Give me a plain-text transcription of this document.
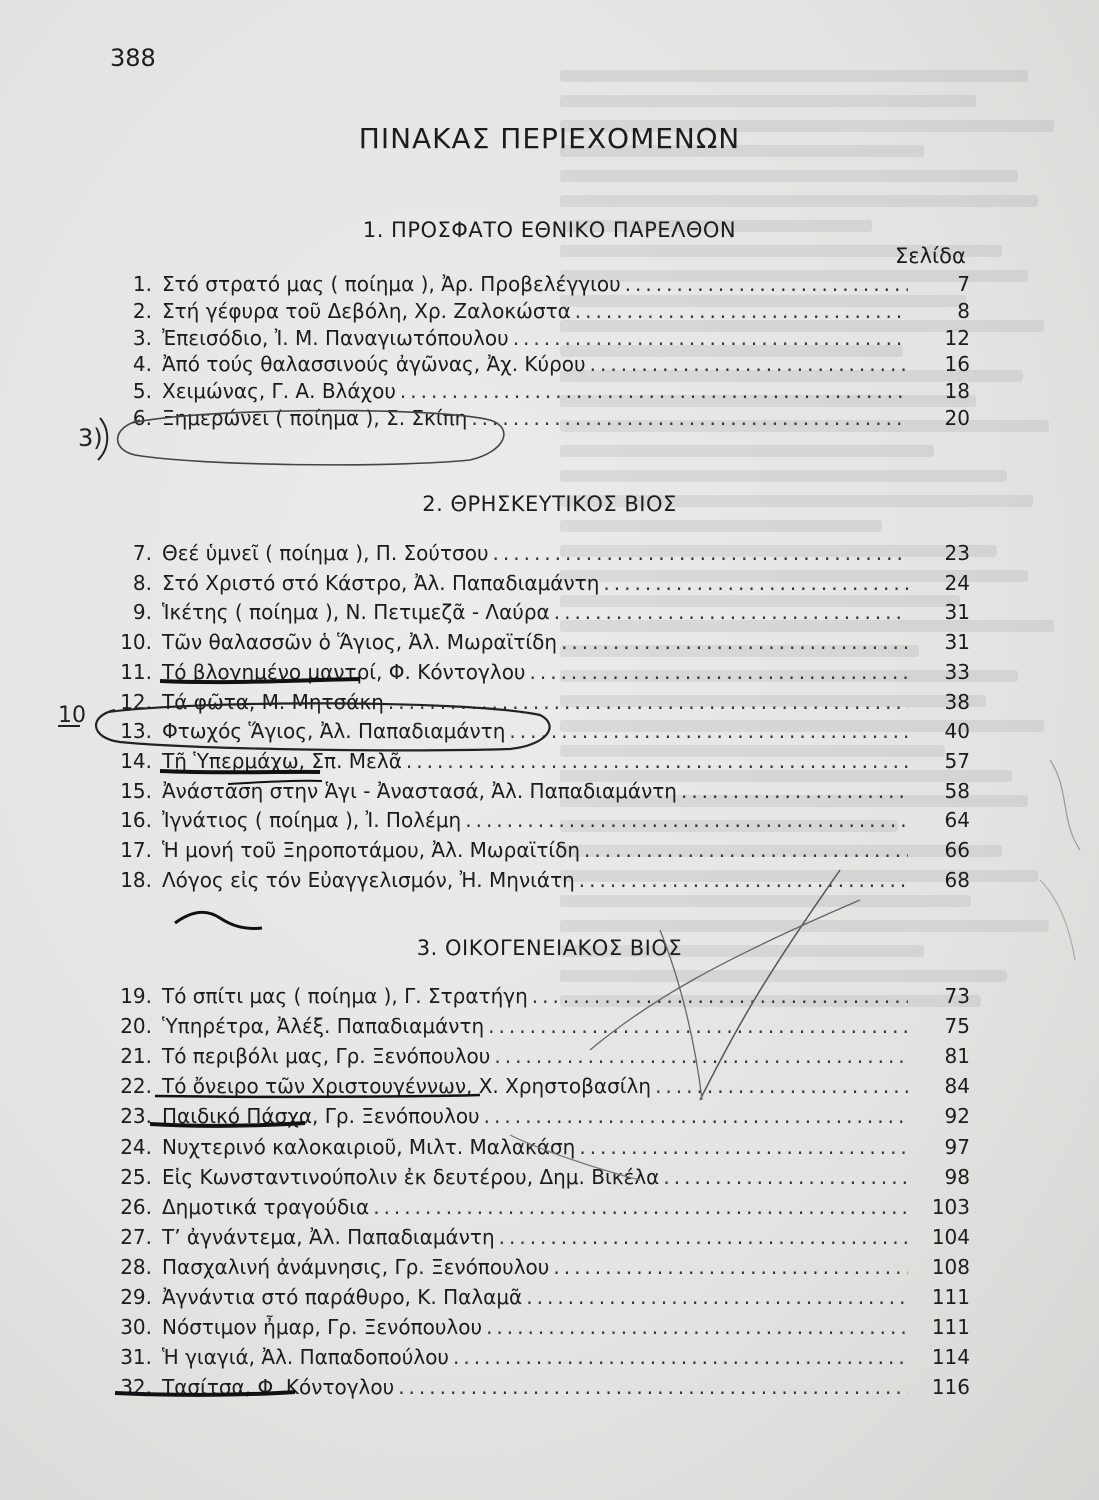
388
ΠΙΝΑΚΑΣ ΠΕΡΙΕΧΟΜΕΝΩΝ
1. ΠΡΟΣΦΑΤΟ ΕΘΝΙΚΟ ΠΑΡΕΛΘΟΝ
Σελίδα
1. Στό στρατό μας ( ποίημα ), Ἀρ. Προβελέγγιου .....	7
2. Στή γέφυρα τοῦ Δεβόλη, Χρ. Ζαλοκώστα .....	8
3. Ἐπεισόδιο, Ἰ. Μ. Παναγιωτόπουλου .....	12
4. Ἀπό τούς θαλασσινούς ἀγῶνας, Ἀχ. Κύρου .....	16
5. Χειμώνας, Γ. Α. Βλάχου .....	18
6. Ξημερώνει ( ποίημα ), Σ. Σκίπη .....	20
2. ΘΡΗΣΚΕΥΤΙΚΟΣ ΒΙΟΣ
7. Θεέ ὑμνεῖ ( ποίημα ), Π. Σούτσου .....	23
8. Στό Χριστό στό Κάστρο, Ἀλ. Παπαδιαμάντη .....	24
9. Ἱκέτης ( ποίημα ), Ν. Πετιμεζᾶ - Λαύρα .....	31
10. Τῶν θαλασσῶν ὁ Ἅγιος, Ἀλ. Μωραϊτίδη .....	31
11. Τό βλογημένο μαντρί, Φ. Κόντογλου .....	33
12. Τά φῶτα, Μ. Μητσάκη .....	38
13. Φτωχός Ἅγιος, Ἀλ. Παπαδιαμάντη .....	40
14. Τῇ Ὑπερμάχῳ, Σπ. Μελᾶ .....	57
15. Ἀνάσταση στην Ἁγι - Ἀναστασά, Ἀλ. Παπαδιαμάντη .....	58
16. Ἰγνάτιος ( ποίημα ), Ἰ. Πολέμη .....	64
17. Ἡ μονή τοῦ Ξηροποτάμου, Ἀλ. Μωραϊτίδη .....	66
18. Λόγος εἰς τόν Εὐαγγελισμόν, Ἠ. Μηνιάτη .....	68
3. ΟΙΚΟΓΕΝΕΙΑΚΟΣ ΒΙΟΣ
19. Τό σπίτι μας ( ποίημα ), Γ. Στρατήγη .....	73
20. Ὑπηρέτρα, Ἀλέξ. Παπαδιαμάντη .....	75
21. Τό περιβόλι μας, Γρ. Ξενόπουλου .....	81
22. Τό ὄνειρο τῶν Χριστουγέννων, Χ. Χρηστοβασίλη .....	84
23. Παιδικό Πάσχα, Γρ. Ξενόπουλου .....	92
24. Νυχτερινό καλοκαιριοῦ, Μιλτ. Μαλακάση .....	97
25. Εἰς Κωνσταντινούπολιν ἐκ δευτέρου, Δημ. Βικέλα .....	98
26. Δημοτικά τραγούδια .....	103
27. Τ’ ἀγνάντεμα, Ἀλ. Παπαδιαμάντη .....	104
28. Πασχαλινή ἀνάμνησις, Γρ. Ξενόπουλου .....	108
29. Ἀγνάντια στό παράθυρο, Κ. Παλαμᾶ .....	111
30. Νόστιμον ἦμαρ, Γρ. Ξενόπουλου .....	111
31. Ἡ γιαγιά, Ἀλ. Παπαδοπούλου .....	114
32. Τασίτσα, Φ. Κόντογλου .....	116
3)
10
